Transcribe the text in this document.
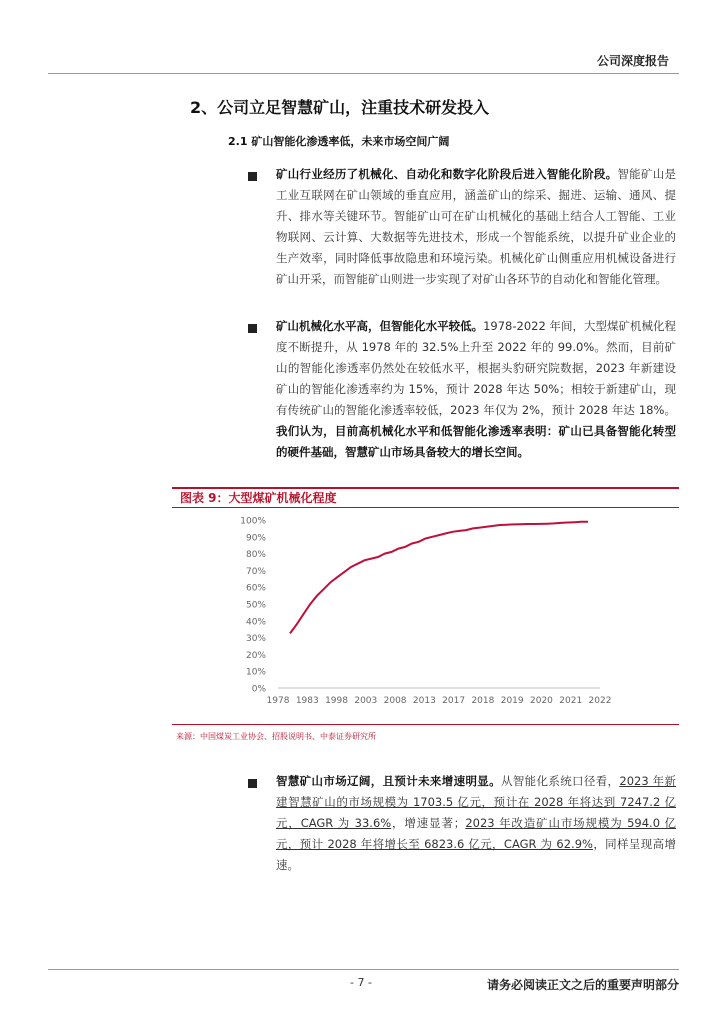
公司深度报告
2、公司立足智慧矿山，注重技术研发投入
2.1 矿山智能化渗透率低，未来市场空间广阔
矿山行业经历了机械化、自动化和数字化阶段后进入智能化阶段。智能矿山是工业互联网在矿山领域的垂直应用，涵盖矿山的综采、掘进、运输、通风、提升、排水等关键环节。智能矿山可在矿山机械化的基础上结合人工智能、工业物联网、云计算、大数据等先进技术，形成一个智能系统，以提升矿业企业的生产效率，同时降低事故隐患和环境污染。机械化矿山侧重应用机械设备进行矿山开采，而智能矿山则进一步实现了对矿山各环节的自动化和智能化管理。
矿山机械化水平高，但智能化水平较低。1978-2022 年间，大型煤矿机械化程度不断提升，从 1978 年的 32.5%上升至 2022 年的 99.0%。然而，目前矿山的智能化渗透率仍然处在较低水平，根据头豹研究院数据，2023 年新建设矿山的智能化渗透率约为 15%，预计 2028 年达 50%；相较于新建矿山，现有传统矿山的智能化渗透率较低，2023 年仅为 2%，预计 2028 年达 18%。我们认为，目前高机械化水平和低智能化渗透率表明：矿山已具备智能化转型的硬件基础，智慧矿山市场具备较大的增长空间。
图表 9：大型煤矿机械化程度
0%
10%
20%
30%
40%
50%
60%
70%
80%
90%
100%
1978 1983 1998 2003 2008 2013 2017 2018 2019 2020 2021 2022
来源：中国煤炭工业协会、招股说明书、中泰证券研究所
智慧矿山市场辽阔，且预计未来增速明显。从智能化系统口径看，2023 年新建智慧矿山的市场规模为 1703.5 亿元，预计在 2028 年将达到 7247.2 亿元，CAGR 为 33.6%，增速显著；2023 年改造矿山市场规模为 594.0 亿元，预计 2028 年将增长至 6823.6 亿元，CAGR 为 62.9%，同样呈现高增速。
- 7 -	请务必阅读正文之后的重要声明部分
